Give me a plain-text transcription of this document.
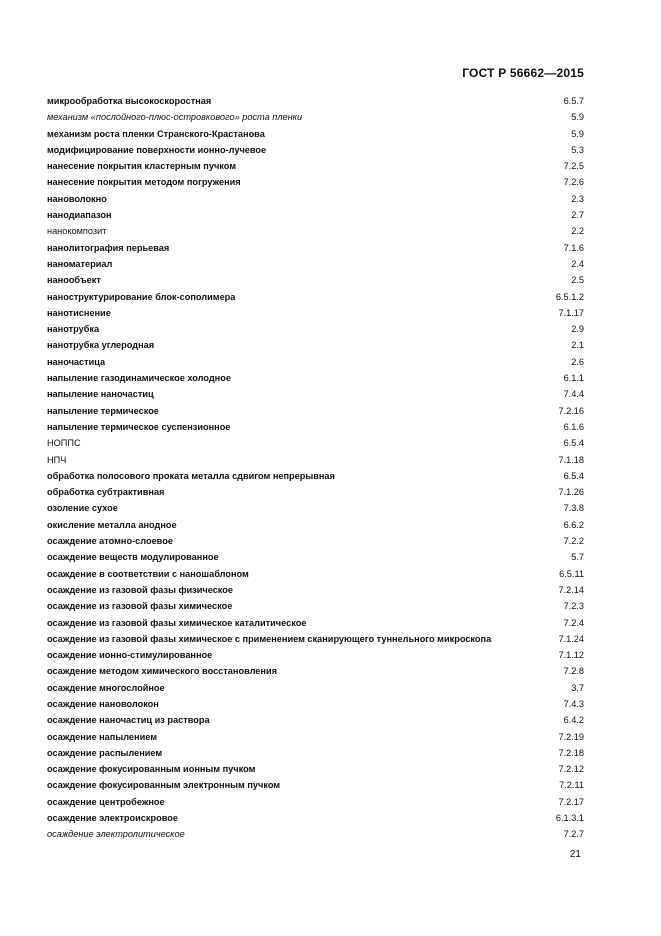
ГОСТ Р 56662—2015
микрообработка высокоскоростная	6.5.7
механизм «послойного-плюс-островкового» роста пленки	5.9
механизм роста пленки Странского-Крастанова	5.9
модифицирование поверхности ионно-лучевое	5.3
нанесение покрытия кластерным пучком	7.2.5
нанесение покрытия методом погружения	7.2.6
нановолокно	2.3
нанодиапазон	2.7
нанокомпозит	2.2
нанолитография перьевая	7.1.6
наноматериал	2.4
нанообъект	2.5
наноструктурирование блок-сополимера	6.5.1.2
нанотиснение	7.1.17
нанотрубка	2.9
нанотрубка углеродная	2.1
наночастица	2.6
напыление газодинамическое холодное	6.1.1
напыление наночастиц	7.4.4
напыление термическое	7.2.16
напыление термическое суспензионное	6.1.6
НОППС	6.5.4
НПЧ	7.1.18
обработка полосового проката металла сдвигом непрерывная	6.5.4
обработка субтрактивная	7.1.26
озоление сухое	7.3.8
окисление металла анодное	6.6.2
осаждение атомно-слоевое	7.2.2
осаждение веществ модулированное	5.7
осаждение в соответствии с наношаблоном	6.5.11
осаждение из газовой фазы физическое	7.2.14
осаждение из газовой фазы химическое	7.2.3
осаждение из газовой фазы химическое каталитическое	7.2.4
осаждение из газовой фазы химическое с применением сканирующего туннельного микроскопа	7.1.24
осаждение ионно-стимулированное	7.1.12
осаждение методом химического восстановления	7.2.8
осаждение многослойное	3.7
осаждение нановолокон	7.4.3
осаждение наночастиц из раствора	6.4.2
осаждение напылением	7.2.19
осаждение распылением	7.2.18
осаждение фокусированным ионным пучком	7.2.12
осаждение фокусированным электронным пучком	7.2.11
осаждение центробежное	7.2.17
осаждение электроискровое	6.1.3.1
осаждение электролитическое	7.2.7
21
